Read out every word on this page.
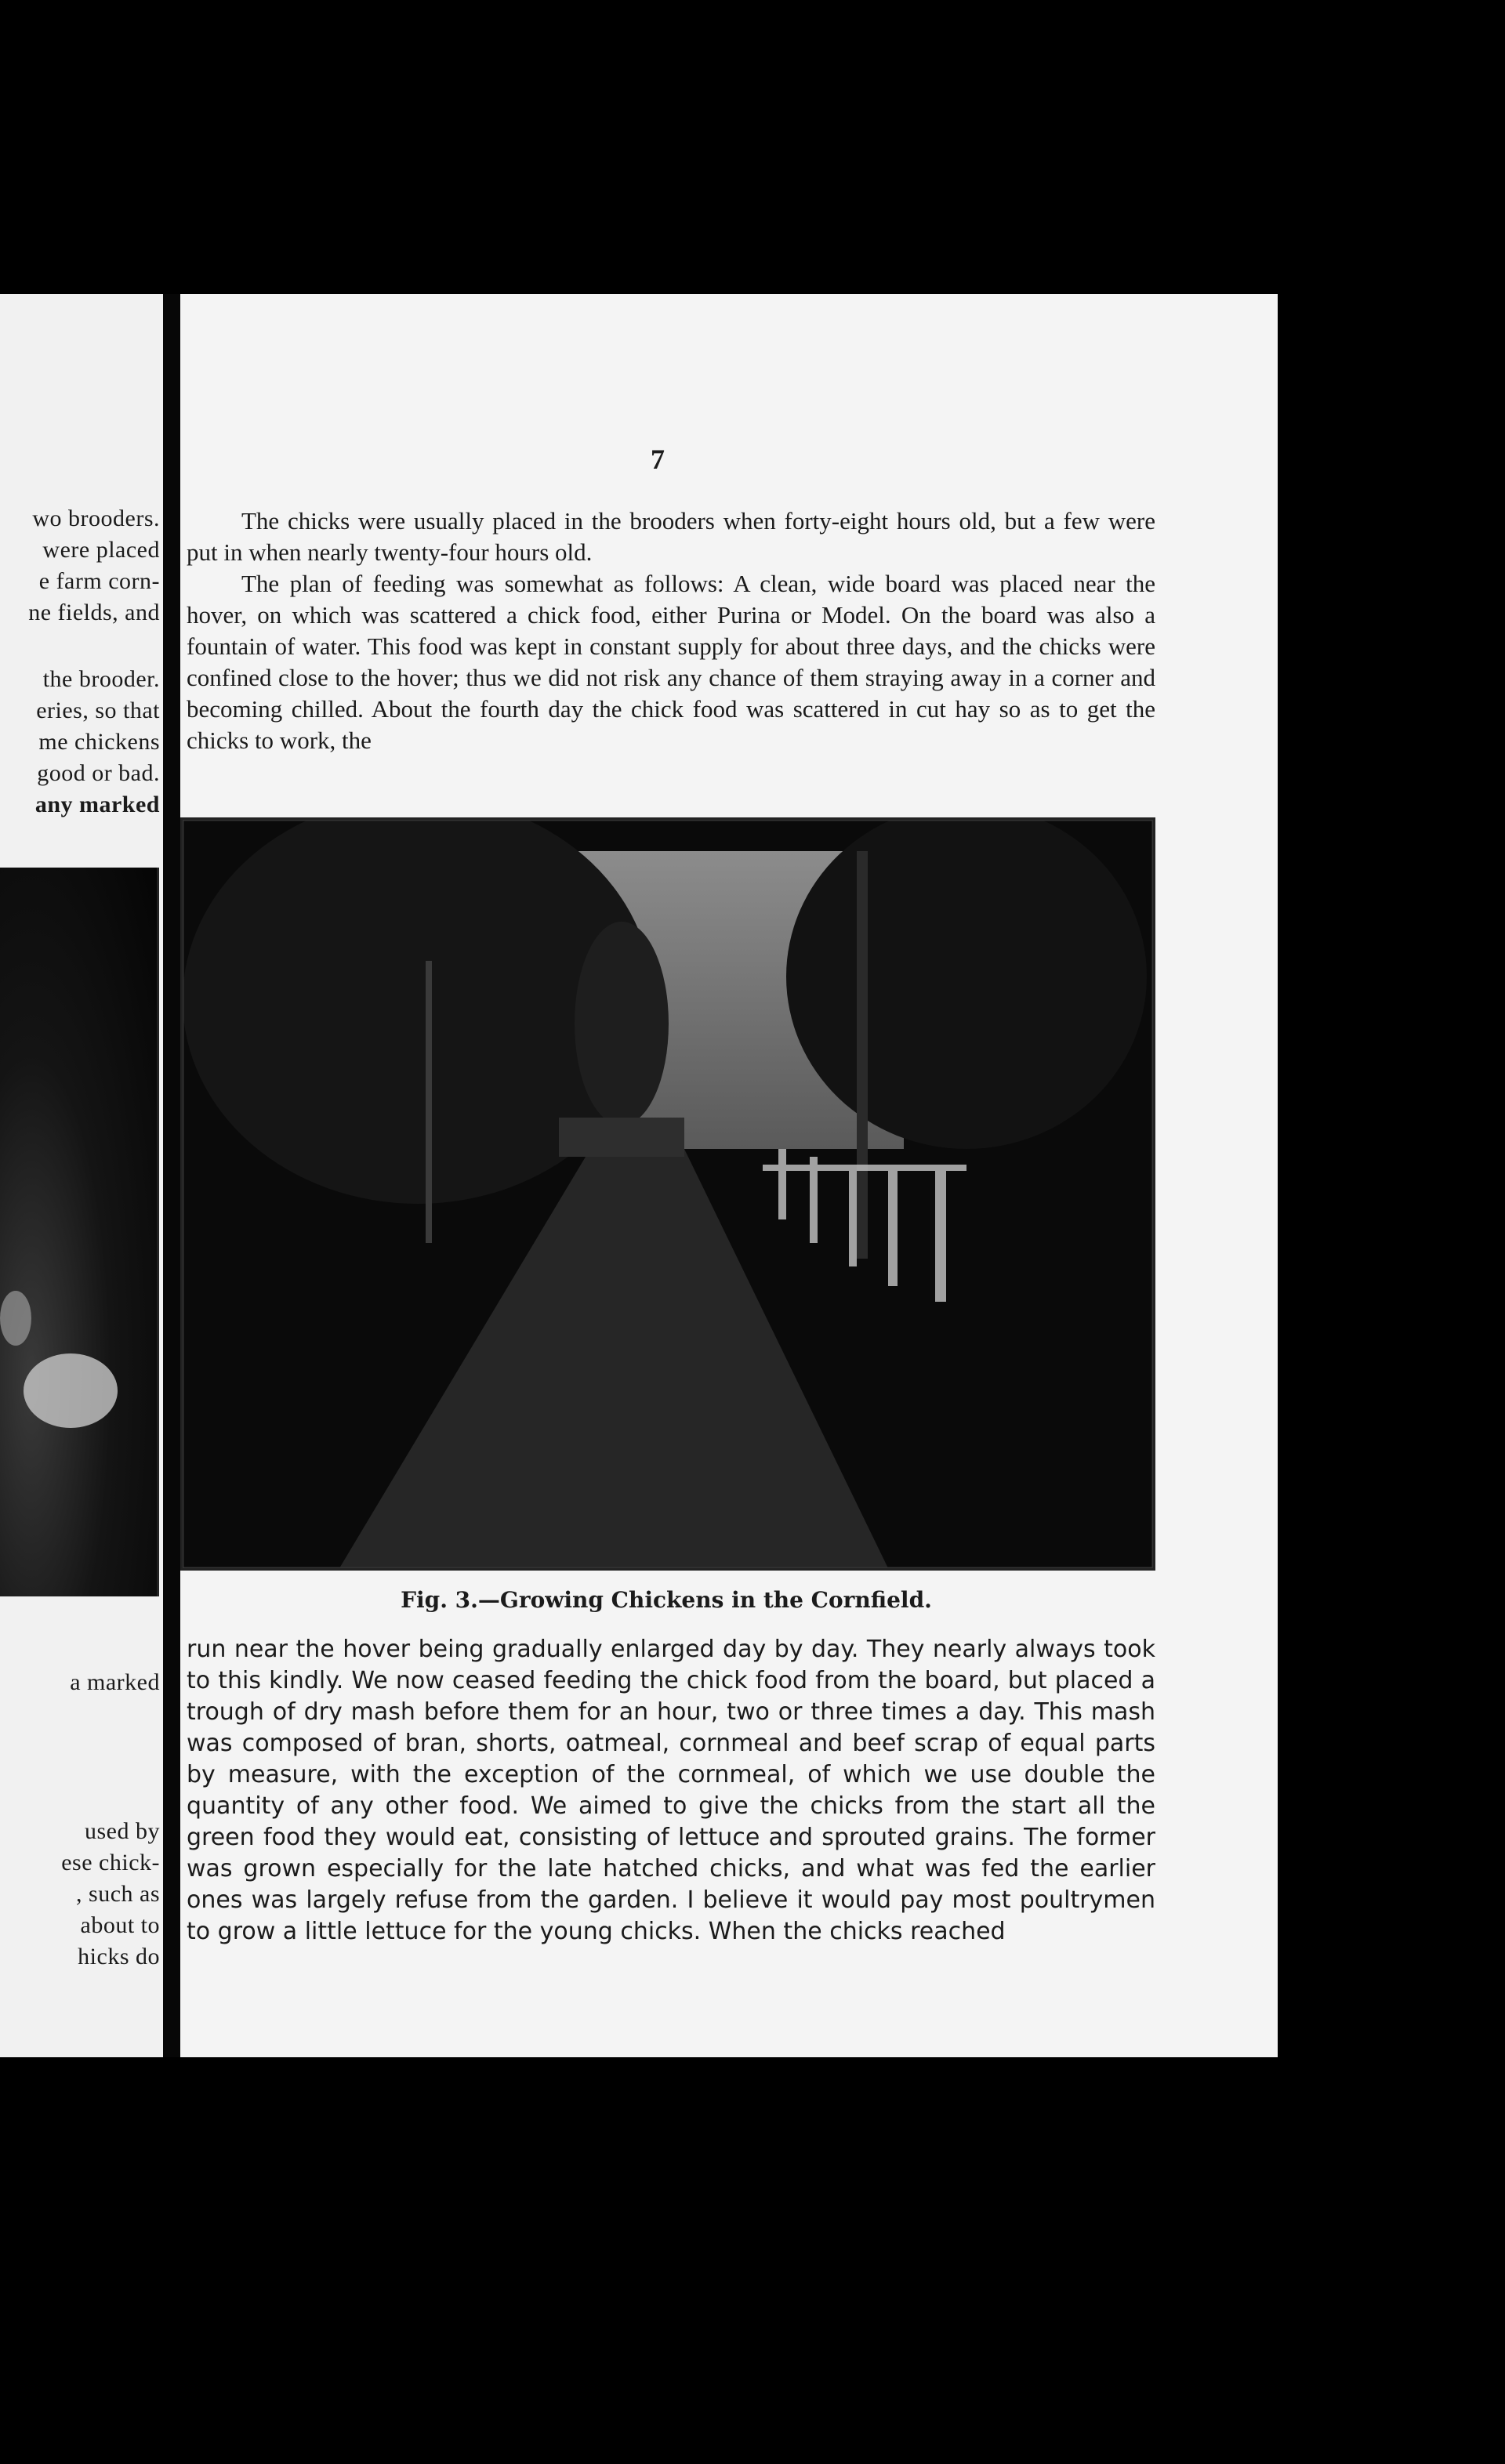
wo brooders.
were placed
e farm corn-
ne fields, and
the brooder.
eries, so that
me chickens
good or bad.
any marked
a marked
used by
ese chick-
, such as
about to
hicks do
7

The chicks were usually placed in the brooders when forty-eight hours old, but a few were put in when nearly twenty-four hours old.

The plan of feeding was somewhat as follows: A clean, wide board was placed near the hover, on which was scattered a chick food, either Purina or Model. On the board was also a fountain of water. This food was kept in constant supply for about three days, and the chicks were confined close to the hover; thus we did not risk any chance of them straying away in a corner and becoming chilled. About the fourth day the chick food was scattered in cut hay so as to get the chicks to work, the

Fig. 3.—Growing Chickens in the Cornfield.

run near the hover being gradually enlarged day by day. They nearly always took to this kindly. We now ceased feeding the chick food from the board, but placed a trough of dry mash before them for an hour, two or three times a day. This mash was composed of bran, shorts, oatmeal, cornmeal and beef scrap of equal parts by measure, with the exception of the cornmeal, of which we use double the quantity of any other food. We aimed to give the chicks from the start all the green food they would eat, consisting of lettuce and sprouted grains. The former was grown especially for the late hatched chicks, and what was fed the earlier ones was largely refuse from the garden. I believe it would pay most poultrymen to grow a little lettuce for the young chicks. When the chicks reached
